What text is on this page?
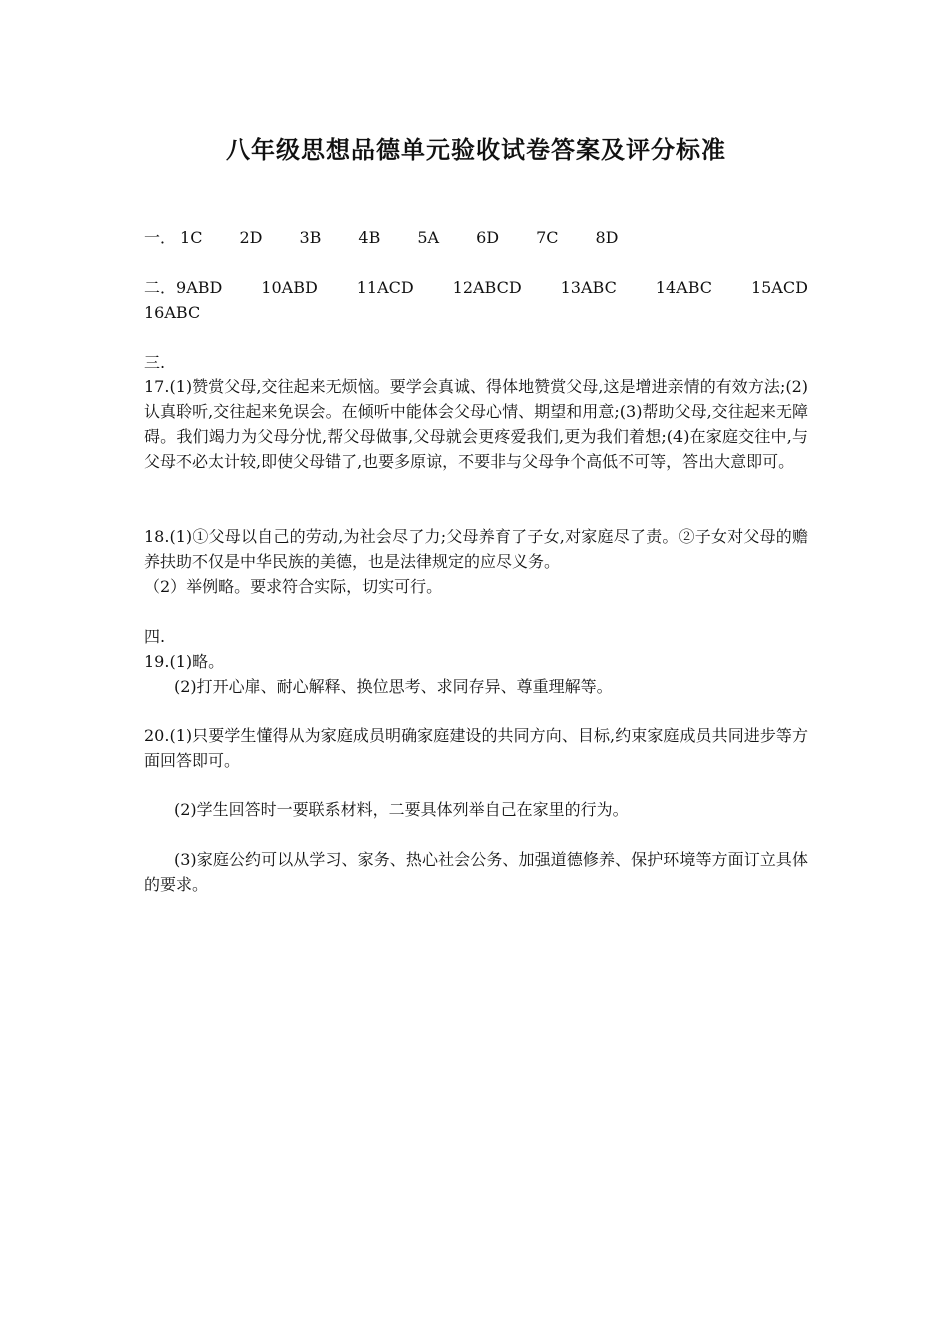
八年级思想品德单元验收试卷答案及评分标准
一． 1C 2D 3B 4B 5A 6D 7C 8D
二．9ABD 10ABD 11ACD 12ABCD 13ABC 14ABC 15ACD
16ABC
三.
17.(1)赞赏父母,交往起来无烦恼。要学会真诚、得体地赞赏父母,这是增进亲情的有效方法;(2)认真聆听,交往起来免误会。在倾听中能体会父母心情、期望和用意;(3)帮助父母,交往起来无障碍。我们竭力为父母分忧,帮父母做事,父母就会更疼爱我们,更为我们着想;(4)在家庭交往中,与父母不必太计较,即使父母错了,也要多原谅，不要非与父母争个高低不可等，答出大意即可。
18.(1)①父母以自己的劳动,为社会尽了力;父母养育了子女,对家庭尽了责。②子女对父母的赡养扶助不仅是中华民族的美德，也是法律规定的应尽义务。
（2）举例略。要求符合实际，切实可行。
四.
19.(1)略。
(2)打开心扉、耐心解释、换位思考、求同存异、尊重理解等。
20.(1)只要学生懂得从为家庭成员明确家庭建设的共同方向、目标,约束家庭成员共同进步等方面回答即可。
(2)学生回答时一要联系材料，二要具体列举自己在家里的行为。
(3)家庭公约可以从学习、家务、热心社会公务、加强道德修养、保护环境等方面订立具体的要求。
